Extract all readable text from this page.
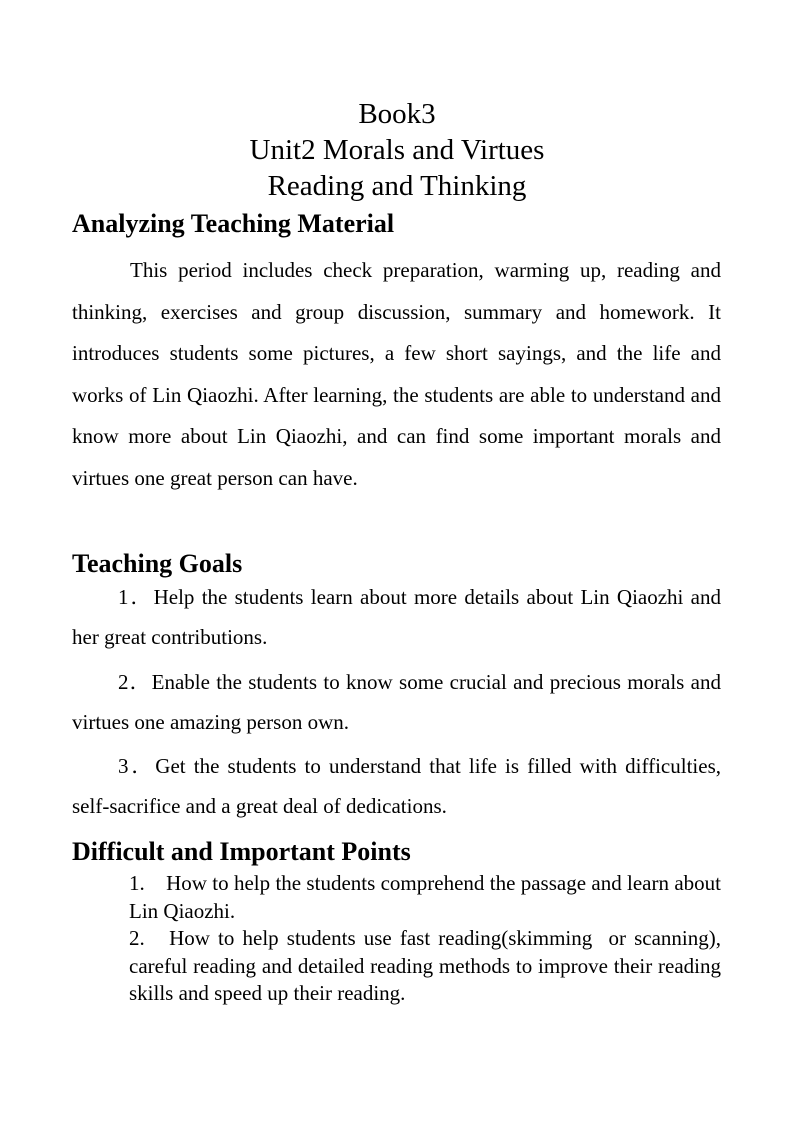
Book3
Unit2 Morals and Virtues
Reading and Thinking
Analyzing Teaching Material

This period includes check preparation, warming up, reading and thinking, exercises and group discussion, summary and homework. It introduces students some pictures, a few short sayings, and the life and works of Lin Qiaozhi. After learning, the students are able to understand and know more about Lin Qiaozhi, and can find some important morals and virtues one great person can have.

Teaching Goals

1．Help the students learn about more details about Lin Qiaozhi and her great contributions.

2．Enable the students to know some crucial and precious morals and virtues one amazing person own.

3．Get the students to understand that life is filled with difficulties, self-sacrifice and a great deal of dedications.

Difficult and Important Points

1.    How to help the students comprehend the passage and learn about Lin Qiaozhi.

2.   How to help students use fast reading(skimming  or scanning), careful reading and detailed reading methods to improve their reading skills and speed up their reading.
